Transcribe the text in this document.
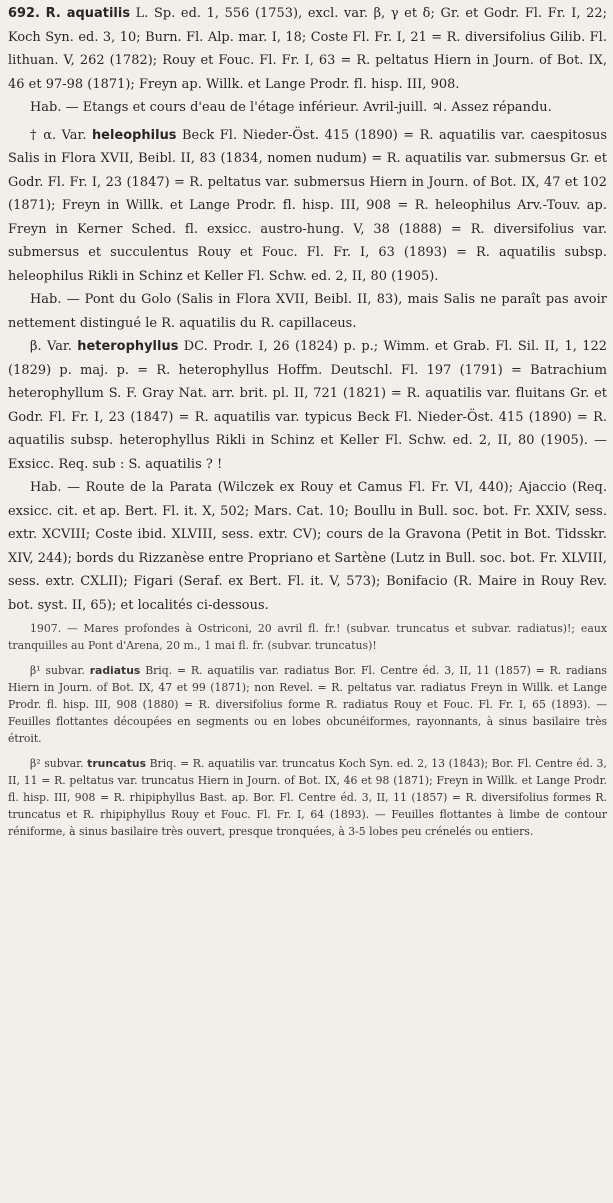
692. R. aquatilis L. Sp. ed. 1, 556 (1753), excl. var. β, γ et δ; Gr. et Godr. Fl. Fr. I, 22; Koch Syn. ed. 3, 10; Burn. Fl. Alp. mar. I, 18; Coste Fl. Fr. I, 21 = R. diversifolius Gilib. Fl. lithuan. V, 262 (1782); Rouy et Fouc. Fl. Fr. I, 63 = R. peltatus Hiern in Journ. of Bot. IX, 46 et 97-98 (1871); Freyn ap. Willk. et Lange Prodr. fl. hisp. III, 908.

Hab. — Etangs et cours d'eau de l'étage inférieur. Avril-juill. ♃. Assez répandu.

† α. Var. heleophilus Beck Fl. Nieder-Öst. 415 (1890) = R. aquatilis var. caespitosus Salis in Flora XVII, Beibl. II, 83 (1834, nomen nudum) = R. aquatilis var. submersus Gr. et Godr. Fl. Fr. I, 23 (1847) = R. peltatus var. submersus Hiern in Journ. of Bot. IX, 47 et 102 (1871); Freyn in Willk. et Lange Prodr. fl. hisp. III, 908 = R. heleophilus Arv.-Touv. ap. Freyn in Kerner Sched. fl. exsicc. austro-hung. V, 38 (1888) = R. diversifolius var. submersus et succulentus Rouy et Fouc. Fl. Fr. I, 63 (1893) = R. aquatilis subsp. heleophilus Rikli in Schinz et Keller Fl. Schw. ed. 2, II, 80 (1905).

Hab. — Pont du Golo (Salis in Flora XVII, Beibl. II, 83), mais Salis ne paraît pas avoir nettement distingué le R. aquatilis du R. capillaceus.

β. Var. heterophyllus DC. Prodr. I, 26 (1824) p. p.; Wimm. et Grab. Fl. Sil. II, 1, 122 (1829) p. maj. p. = R. heterophyllus Hoffm. Deutschl. Fl. 197 (1791) = Batrachium heterophyllum S. F. Gray Nat. arr. brit. pl. II, 721 (1821) = R. aquatilis var. fluitans Gr. et Godr. Fl. Fr. I, 23 (1847) = R. aquatilis var. typicus Beck Fl. Nieder-Öst. 415 (1890) = R. aquatilis subsp. heterophyllus Rikli in Schinz et Keller Fl. Schw. ed. 2, II, 80 (1905). — Exsicc. Req. sub : S. aquatilis ? !

Hab. — Route de la Parata (Wilczek ex Rouy et Camus Fl. Fr. VI, 440); Ajaccio (Req. exsicc. cit. et ap. Bert. Fl. it. X, 502; Mars. Cat. 10; Boullu in Bull. soc. bot. Fr. XXIV, sess. extr. XCVIII; Coste ibid. XLVIII, sess. extr. CV); cours de la Gravona (Petit in Bot. Tidsskr. XIV, 244); bords du Rizzanèse entre Propriano et Sartène (Lutz in Bull. soc. bot. Fr. XLVIII, sess. extr. CXLII); Figari (Seraf. ex Bert. Fl. it. V, 573); Bonifacio (R. Maire in Rouy Rev. bot. syst. II, 65); et localités ci-dessous.

1907. — Mares profondes à Ostriconi, 20 avril fl. fr.! (subvar. truncatus et subvar. radiatus)!; eaux tranquilles au Pont d'Arena, 20 m., 1 mai fl. fr. (subvar. truncatus)!

β¹ subvar. radiatus Briq. = R. aquatilis var. radiatus Bor. Fl. Centre éd. 3, II, 11 (1857) = R. radians Hiern in Journ. of Bot. IX, 47 et 99 (1871); non Revel. = R. peltatus var. radiatus Freyn in Willk. et Lange Prodr. fl. hisp. III, 908 (1880) = R. diversifolius forme R. radiatus Rouy et Fouc. Fl. Fr. I, 65 (1893). — Feuilles flottantes découpées en segments ou en lobes obcunéiformes, rayonnants, à sinus basilaire très étroit.

β² subvar. truncatus Briq. = R. aquatilis var. truncatus Koch Syn. ed. 2, 13 (1843); Bor. Fl. Centre éd. 3, II, 11 = R. peltatus var. truncatus Hiern in Journ. of Bot. IX, 46 et 98 (1871); Freyn in Willk. et Lange Prodr. fl. hisp. III, 908 = R. rhipiphyllus Bast. ap. Bor. Fl. Centre éd. 3, II, 11 (1857) = R. diversifolius formes R. truncatus et R. rhipiphyllus Rouy et Fouc. Fl. Fr. I, 64 (1893). — Feuilles flottantes à limbe de contour réniforme, à sinus basilaire très ouvert, presque tronquées, à 3-5 lobes peu crénelés ou entiers.
